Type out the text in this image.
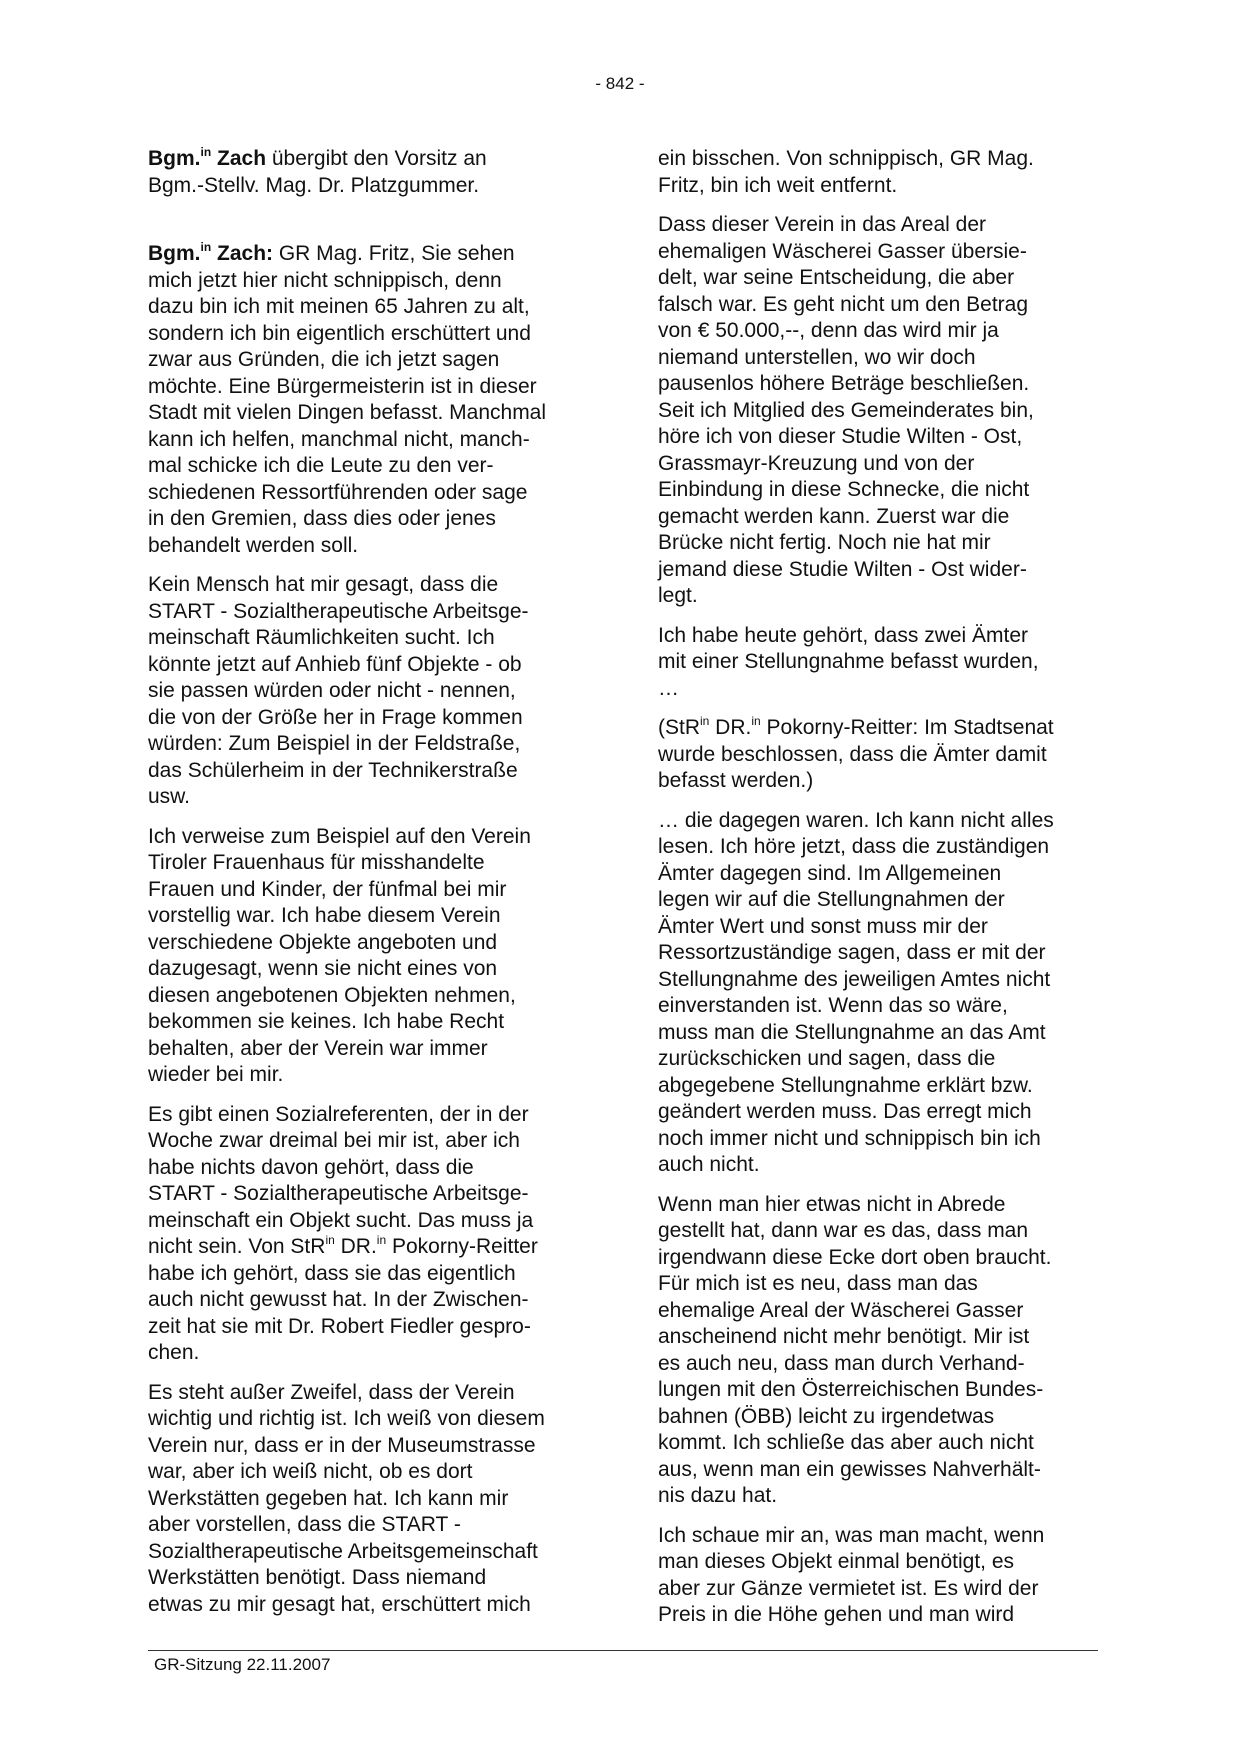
- 842 -

Bgm.$^{in}$ Zach übergibt den Vorsitz an
Bgm.-Stellv. Mag. Dr. Platzgummer.

Bgm.$^{in}$ Zach: GR Mag. Fritz, Sie sehen
mich jetzt hier nicht schnippisch, denn
dazu bin ich mit meinen 65 Jahren zu alt,
sondern ich bin eigentlich erschüttert und
zwar aus Gründen, die ich jetzt sagen
möchte. Eine Bürgermeisterin ist in dieser
Stadt mit vielen Dingen befasst. Manchmal
kann ich helfen, manchmal nicht, manch-
mal schicke ich die Leute zu den ver-
schiedenen Ressortführenden oder sage
in den Gremien, dass dies oder jenes
behandelt werden soll.

Kein Mensch hat mir gesagt, dass die
START - Sozialtherapeutische Arbeitsge-
meinschaft Räumlichkeiten sucht. Ich
könnte jetzt auf Anhieb fünf Objekte - ob
sie passen würden oder nicht - nennen,
die von der Größe her in Frage kommen
würden: Zum Beispiel in der Feldstraße,
das Schülerheim in der Technikerstraße
usw.

Ich verweise zum Beispiel auf den Verein
Tiroler Frauenhaus für misshandelte
Frauen und Kinder, der fünfmal bei mir
vorstellig war. Ich habe diesem Verein
verschiedene Objekte angeboten und
dazugesagt, wenn sie nicht eines von
diesen angebotenen Objekten nehmen,
bekommen sie keines. Ich habe Recht
behalten, aber der Verein war immer
wieder bei mir.

Es gibt einen Sozialreferenten, der in der
Woche zwar dreimal bei mir ist, aber ich
habe nichts davon gehört, dass die
START - Sozialtherapeutische Arbeitsge-
meinschaft ein Objekt sucht. Das muss ja
nicht sein. Von StR$^{in}$ DR.$^{in}$ Pokorny-Reitter
habe ich gehört, dass sie das eigentlich
auch nicht gewusst hat. In der Zwischen-
zeit hat sie mit Dr. Robert Fiedler gespro-
chen.

Es steht außer Zweifel, dass der Verein
wichtig und richtig ist. Ich weiß von diesem
Verein nur, dass er in der Museumstrasse
war, aber ich weiß nicht, ob es dort
Werkstätten gegeben hat. Ich kann mir
aber vorstellen, dass die START -
Sozialtherapeutische Arbeitsgemeinschaft
Werkstätten benötigt. Dass niemand
etwas zu mir gesagt hat, erschüttert mich

ein bisschen. Von schnippisch, GR Mag.
Fritz, bin ich weit entfernt.

Dass dieser Verein in das Areal der
ehemaligen Wäscherei Gasser übersie-
delt, war seine Entscheidung, die aber
falsch war. Es geht nicht um den Betrag
von € 50.000,--, denn das wird mir ja
niemand unterstellen, wo wir doch
pausenlos höhere Beträge beschließen.
Seit ich Mitglied des Gemeinderates bin,
höre ich von dieser Studie Wilten - Ost,
Grassmayr-Kreuzung und von der
Einbindung in diese Schnecke, die nicht
gemacht werden kann. Zuerst war die
Brücke nicht fertig. Noch nie hat mir
jemand diese Studie Wilten - Ost wider-
legt.

Ich habe heute gehört, dass zwei Ämter
mit einer Stellungnahme befasst wurden,
…

(StR$^{in}$ DR.$^{in}$ Pokorny-Reitter: Im Stadtsenat
wurde beschlossen, dass die Ämter damit
befasst werden.)

… die dagegen waren. Ich kann nicht alles
lesen. Ich höre jetzt, dass die zuständigen
Ämter dagegen sind. Im Allgemeinen
legen wir auf die Stellungnahmen der
Ämter Wert und sonst muss mir der
Ressortzuständige sagen, dass er mit der
Stellungnahme des jeweiligen Amtes nicht
einverstanden ist. Wenn das so wäre,
muss man die Stellungnahme an das Amt
zurückschicken und sagen, dass die
abgegebene Stellungnahme erklärt bzw.
geändert werden muss. Das erregt mich
noch immer nicht und schnippisch bin ich
auch nicht.

Wenn man hier etwas nicht in Abrede
gestellt hat, dann war es das, dass man
irgendwann diese Ecke dort oben braucht.
Für mich ist es neu, dass man das
ehemalige Areal der Wäscherei Gasser
anscheinend nicht mehr benötigt. Mir ist
es auch neu, dass man durch Verhand-
lungen mit den Österreichischen Bundes-
bahnen (ÖBB) leicht zu irgendetwas
kommt. Ich schließe das aber auch nicht
aus, wenn man ein gewisses Nahverhält-
nis dazu hat.

Ich schaue mir an, was man macht, wenn
man dieses Objekt einmal benötigt, es
aber zur Gänze vermietet ist. Es wird der
Preis in die Höhe gehen und man wird

GR-Sitzung 22.11.2007
